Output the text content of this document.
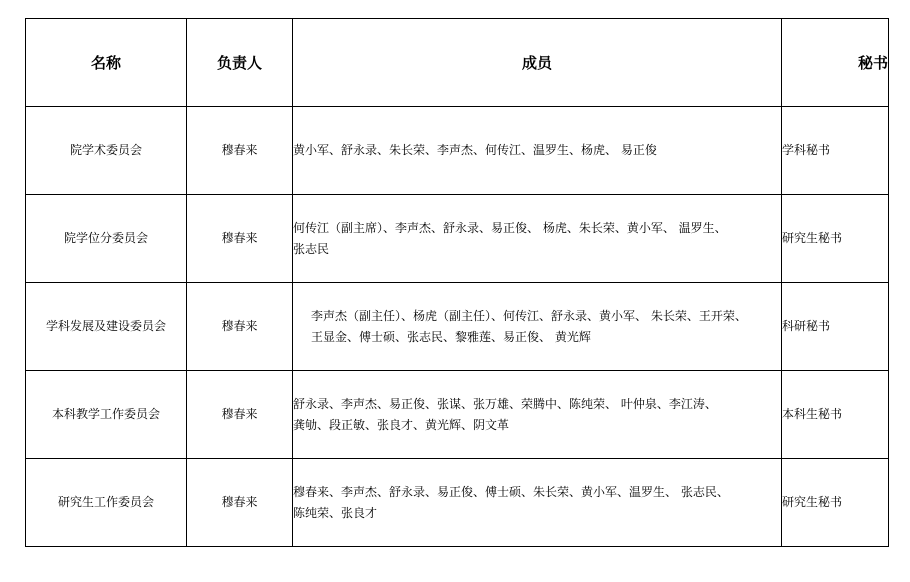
名称	负责人	成员	秘书
院学术委员会	穆春来	黄小军、舒永录、朱长荣、李声杰、何传江、温罗生、杨虎、 易正俊	学科秘书
院学位分委员会	穆春来	何传江（副主席）、李声杰、舒永录、易正俊、 杨虎、朱长荣、黄小军、 温罗生、
张志民	研究生秘书
学科发展及建设委员会	穆春来	李声杰（副主任）、杨虎（副主任）、何传江、舒永录、黄小军、 朱长荣、王开荣、
王显金、傅士硕、张志民、黎雅莲、易正俊、 黄光辉	科研秘书
本科教学工作委员会	穆春来	舒永录、李声杰、易正俊、张谋、张万雄、荣腾中、陈纯荣、 叶仲泉、李江涛、
龚劬、段正敏、张良才、黄光辉、阴文革	本科生秘书
研究生工作委员会	穆春来	穆春来、李声杰、舒永录、易正俊、傅士硕、朱长荣、黄小军、温罗生、 张志民、
陈纯荣、张良才	研究生秘书
